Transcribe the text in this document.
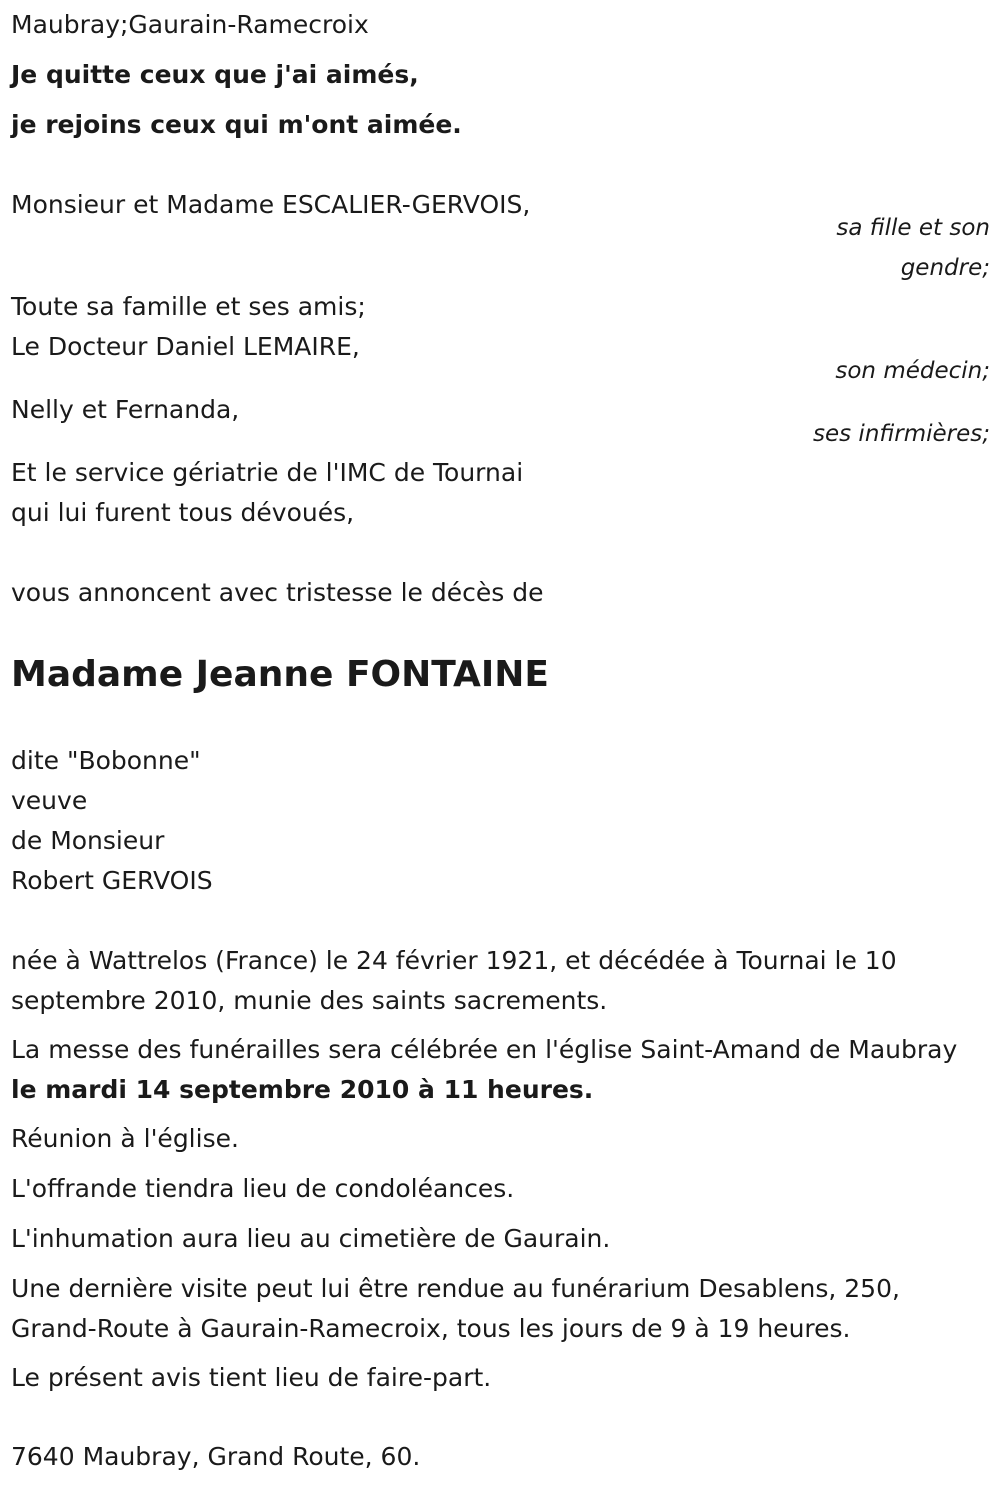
Maubray;Gaurain-Ramecroix

Je quitte ceux que j'ai aimés,

je rejoins ceux qui m'ont aimée.

Monsieur et Madame ESCALIER-GERVOIS,

sa fille et son

gendre;

Toute sa famille et ses amis;

Le Docteur Daniel LEMAIRE,

son médecin;

Nelly et Fernanda,

ses infirmières;

Et le service gériatrie de l'IMC de Tournai

qui lui furent tous dévoués,

vous annoncent avec tristesse le décès de

Madame Jeanne FONTAINE

dite "Bobonne"

veuve

de Monsieur

Robert GERVOIS

née à Wattrelos (France) le 24 février 1921, et décédée à Tournai le 10 septembre 2010, munie des saints sacrements.

La messe des funérailles sera célébrée en l'église Saint-Amand de Maubray le mardi 14 septembre 2010 à 11 heures.

Réunion à l'église.

L'offrande tiendra lieu de condoléances.

L'inhumation aura lieu au cimetière de Gaurain.

Une dernière visite peut lui être rendue au funérarium Desablens, 250, Grand-Route à Gaurain-Ramecroix, tous les jours de 9 à 19 heures.

Le présent avis tient lieu de faire-part.

7640 Maubray, Grand Route, 60.
